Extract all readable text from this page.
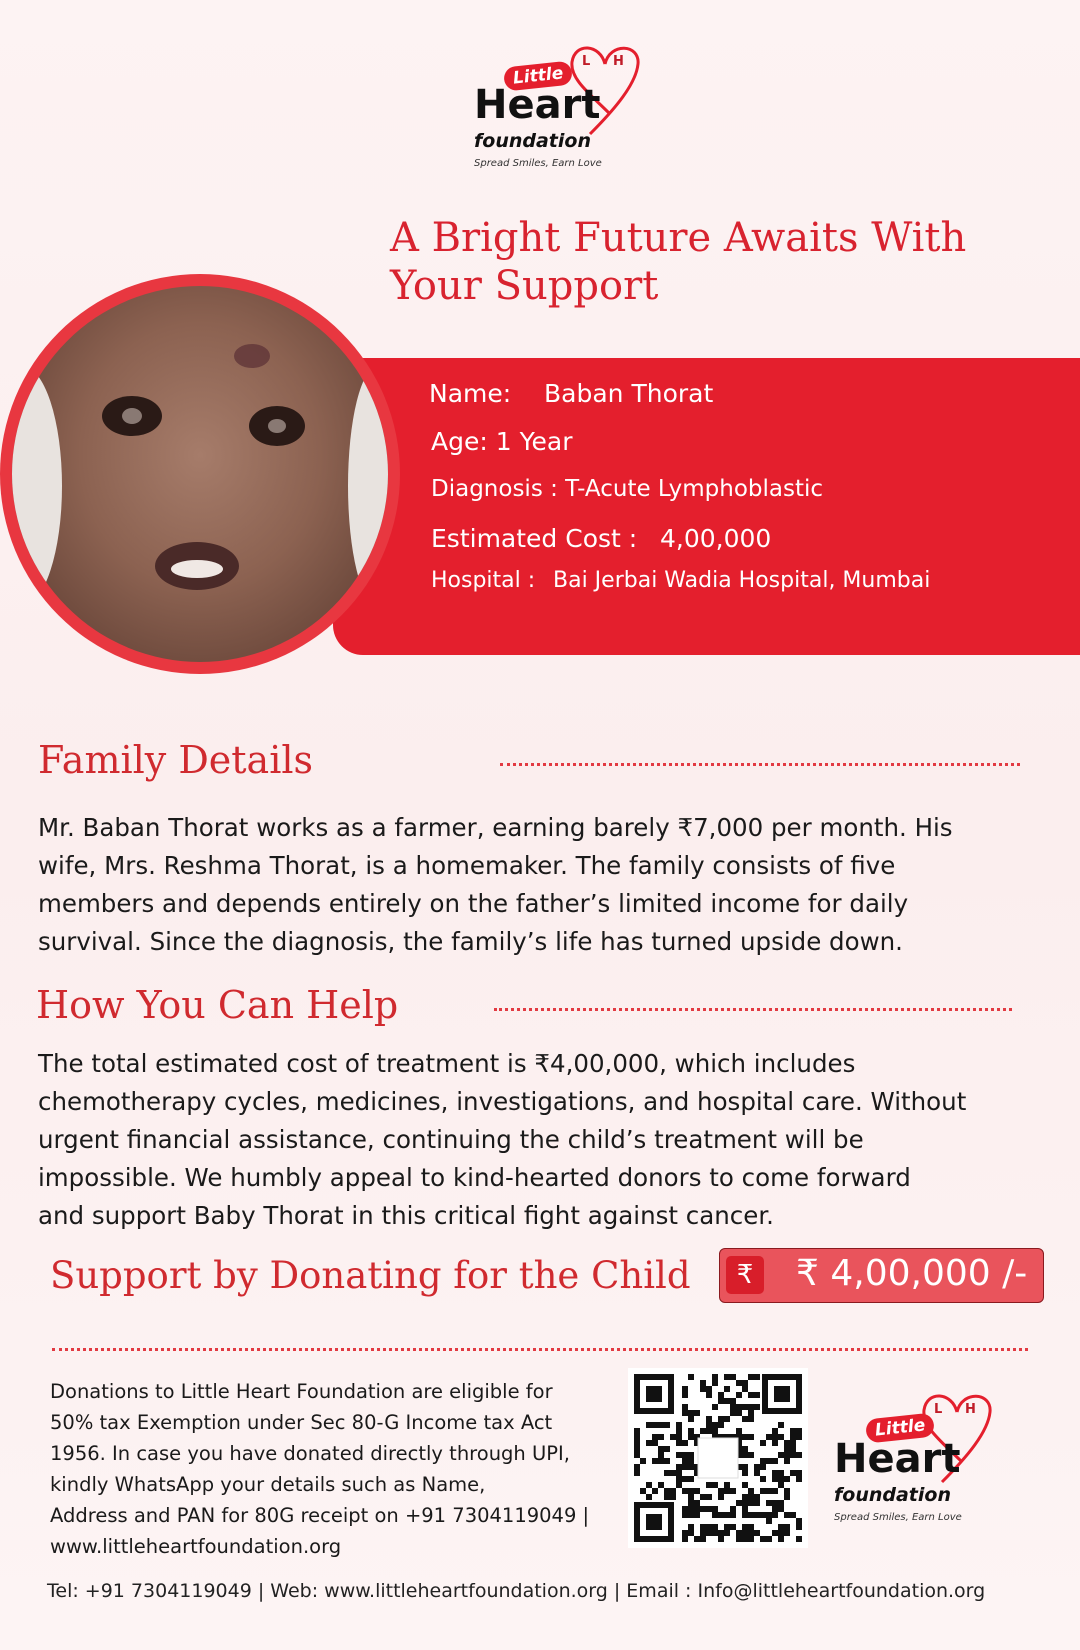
L H
Little
Heart
foundation
Spread Smiles, Earn Love
A Bright Future Awaits With Your Support
Name: Baban Thorat
Age: 1 Year
Diagnosis : T-Acute Lymphoblastic
Estimated Cost : 4,00,000
Hospital : Bai Jerbai Wadia Hospital, Mumbai
Family Details
Mr. Baban Thorat works as a farmer, earning barely ₹7,000 per month. His
wife, Mrs. Reshma Thorat, is a homemaker. The family consists of five
members and depends entirely on the father’s limited income for daily
survival. Since the diagnosis, the family’s life has turned upside down.
How You Can Help
The total estimated cost of treatment is ₹4,00,000, which includes
chemotherapy cycles, medicines, investigations, and hospital care. Without
urgent financial assistance, continuing the child’s treatment will be
impossible. We humbly appeal to kind-hearted donors to come forward
and support Baby Thorat in this critical fight against cancer.
Support by Donating for the Child	₹ ₹ 4,00,000 /-
Donations to Little Heart Foundation are eligible for
50% tax Exemption under Sec 80-G Income tax Act
1956. In case you have donated directly through UPI,
kindly WhatsApp your details such as Name,
Address and PAN for 80G receipt on +91 7304119049 |
www.littleheartfoundation.org
L H
Little
Heart
foundation
Spread Smiles, Earn Love
Tel: +91 7304119049 | Web: www.littleheartfoundation.org | Email : Info@littleheartfoundation.org
